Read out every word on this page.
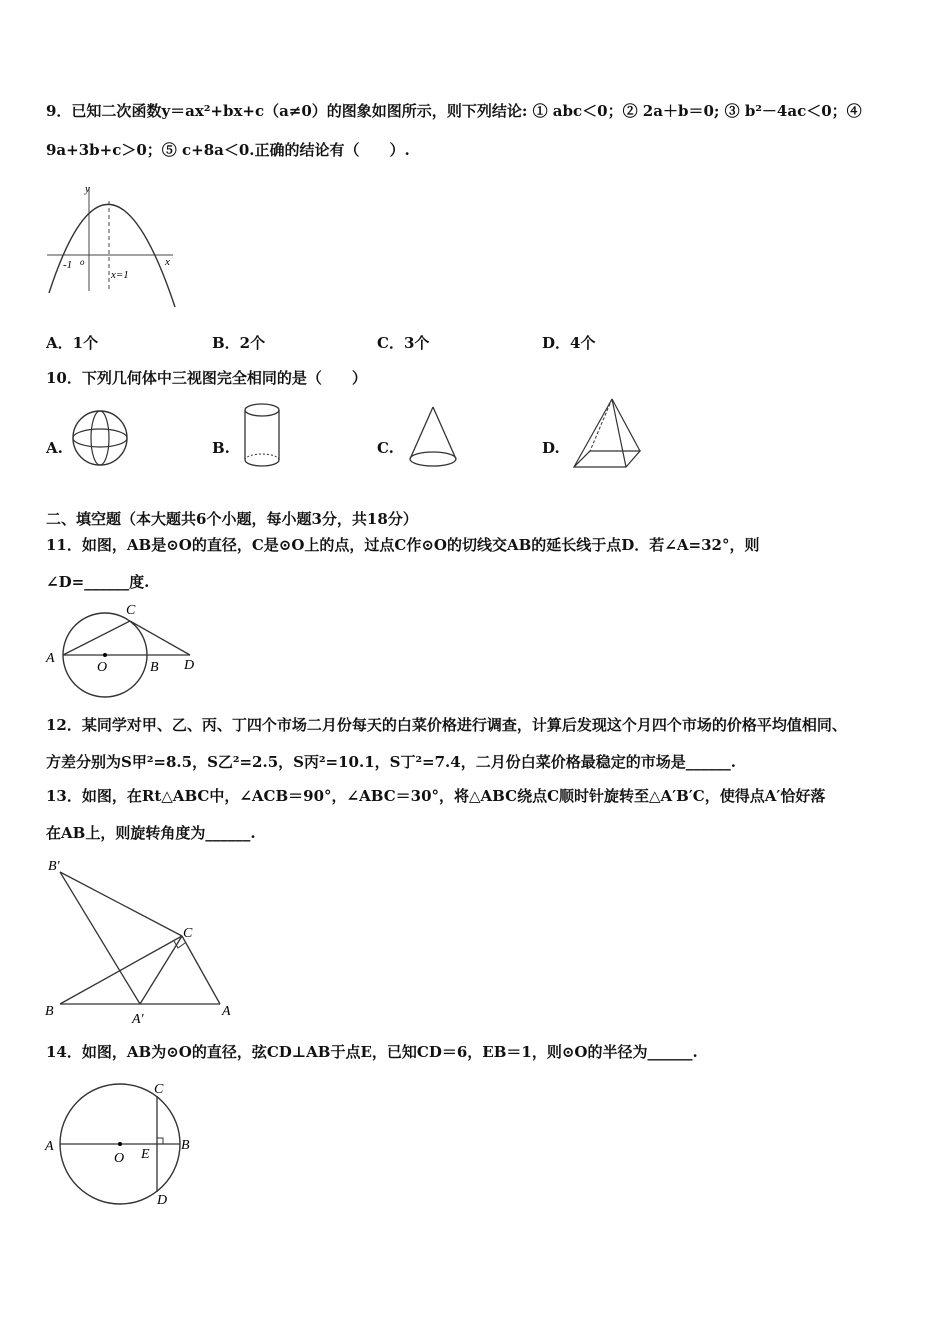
9．已知二次函数y＝ax²+bx+c（a≠0）的图象如图所示，则下列结论: ① abc＜0；② 2a＋b＝0; ③ b²－4ac＜0；④
9a+3b+c＞0；⑤ c+8a＜0.正确的结论有（　　）.
y
x
-1 o
x=1
A．1个	B．2个	C．3个	D．4个
10．下列几何体中三视图完全相同的是（　　）
A.	B.	C.	D.
二、填空题（本大题共6个小题，每小题3分，共18分）
11．如图，AB是⊙O的直径，C是⊙O上的点，过点C作⊙O的切线交AB的延长线于点D．若∠A=32°，则
∠D=______度.
A
O	B D
C
12．某同学对甲、乙、丙、丁四个市场二月份每天的白菜价格进行调查，计算后发现这个月四个市场的价格平均值相同、
方差分别为S甲²=8.5，S乙²=2.5，S丙²=10.1，S丁²=7.4，二月份白菜价格最稳定的市场是______.
13．如图，在Rt△ABC中，∠ACB＝90°，∠ABC＝30°，将△ABC绕点C顺时针旋转至△A′B′C，使得点A′恰好落
在AB上，则旋转角度为______.
B′
C
B
A′
A
14．如图，AB为⊙O的直径，弦CD⊥AB于点E，已知CD＝6，EB＝1，则⊙O的半径为______.
A
O E
B
C
D
